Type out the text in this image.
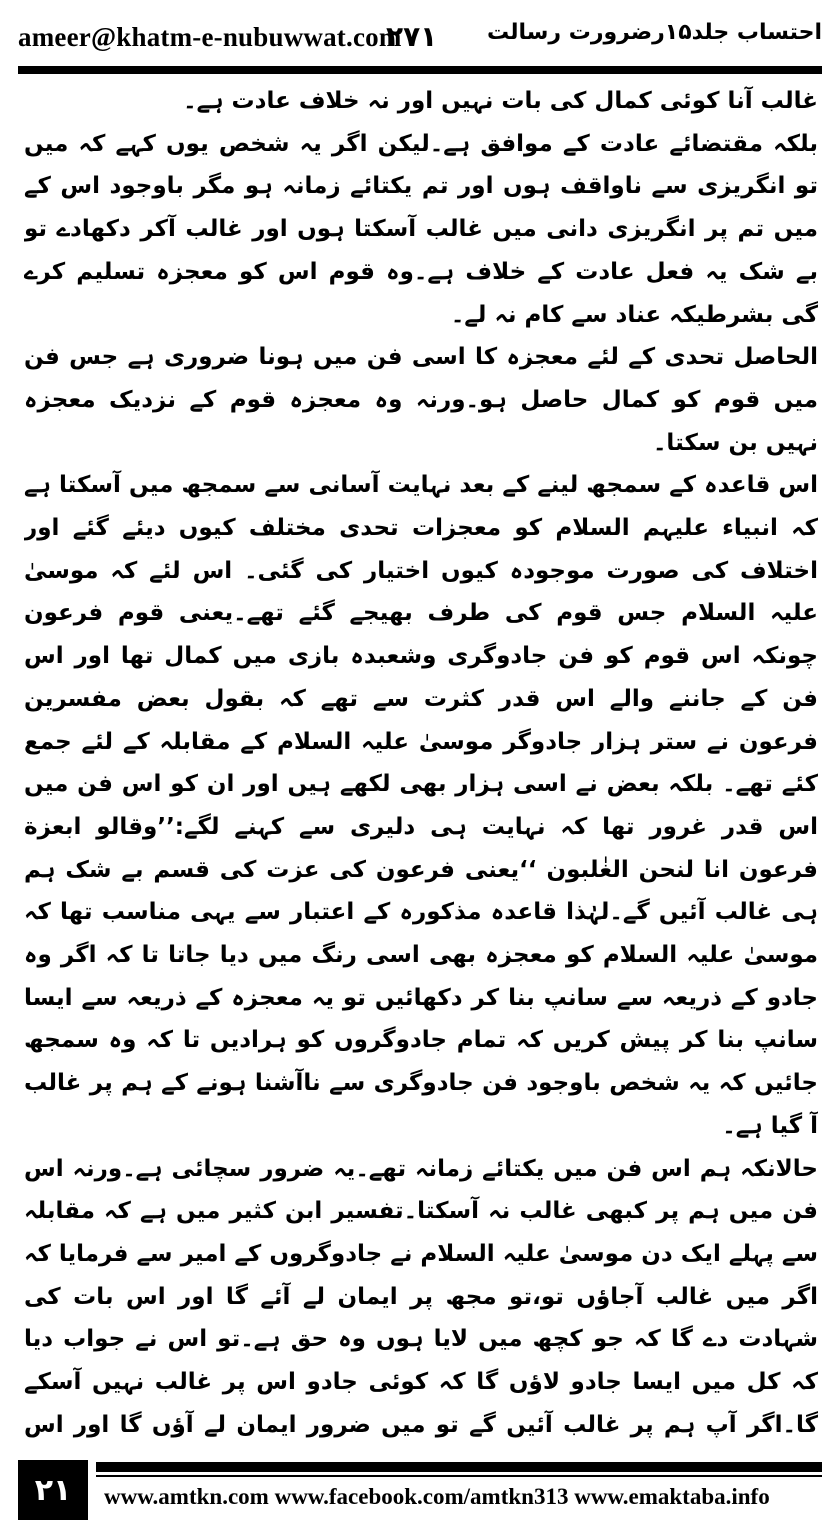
ameer@khatm-e-nubuwwat.com
۲۷۱ احتساب جلد۱۵رضرورت رسالت

غالب آنا کوئی کمال کی بات نہیں اور نہ خلاف عادت ہے۔

بلکہ مقتضائے عادت کے موافق ہے۔لیکن اگر یہ شخص یوں کہے کہ میں تو انگریزی سے ناواقف ہوں اور تم یکتائے زمانہ ہو مگر باوجود اس کے میں تم پر انگریزی دانی میں غالب آسکتا ہوں اور غالب آکر دکھادے تو بے شک یہ فعل عادت کے خلاف ہے۔وہ قوم اس کو معجزہ تسلیم کرے گی بشرطیکہ عناد سے کام نہ لے۔

الحاصل تحدی کے لئے معجزہ کا اسی فن میں ہونا ضروری ہے جس فن میں قوم کو کمال حاصل ہو۔ورنہ وہ معجزہ قوم کے نزدیک معجزہ نہیں بن سکتا۔

اس قاعدہ کے سمجھ لینے کے بعد نہایت آسانی سے سمجھ میں آسکتا ہے کہ انبیاء علیہم السلام کو معجزات تحدی مختلف کیوں دیئے گئے اور اختلاف کی صورت موجودہ کیوں اختیار کی گئی۔ اس لئے کہ موسیٰ علیہ السلام جس قوم کی طرف بھیجے گئے تھے۔یعنی قوم فرعون چونکہ اس قوم کو فن جادوگری وشعبدہ بازی میں کمال تھا اور اس فن کے جاننے والے اس قدر کثرت سے تھے کہ بقول بعض مفسرین فرعون نے ستر ہزار جادوگر موسیٰ علیہ السلام کے مقابلہ کے لئے جمع کئے تھے۔ بلکہ بعض نے اسی ہزار بھی لکھے ہیں اور ان کو اس فن میں اس قدر غرور تھا کہ نہایت ہی دلیری سے کہنے لگے:’’وقالو ابعزة فرعون انا لنحن الغٰلبون ‘‘یعنی فرعون کی عزت کی قسم بے شک ہم ہی غالب آئیں گے۔لہٰذا قاعدہ مذکورہ کے اعتبار سے یہی مناسب تھا کہ موسیٰ علیہ السلام کو معجزہ بھی اسی رنگ میں دیا جاتا تا کہ اگر وہ جادو کے ذریعہ سے سانپ بنا کر دکھائیں تو یہ معجزہ کے ذریعہ سے ایسا سانپ بنا کر پیش کریں کہ تمام جادوگروں کو ہرادیں تا کہ وہ سمجھ جائیں کہ یہ شخص باوجود فن جادوگری سے ناآشنا ہونے کے ہم پر غالب آ گیا ہے۔

حالانکہ ہم اس فن میں یکتائے زمانہ تھے۔یہ ضرور سچائی ہے۔ورنہ اس فن میں ہم پر کبھی غالب نہ آسکتا۔تفسیر ابن کثیر میں ہے کہ مقابلہ سے پہلے ایک دن موسیٰ علیہ السلام نے جادوگروں کے امیر سے فرمایا کہ اگر میں غالب آجاؤں تو،تو مجھ پر ایمان لے آئے گا اور اس بات کی شہادت دے گا کہ جو کچھ میں لایا ہوں وہ حق ہے۔تو اس نے جواب دیا کہ کل میں ایسا جادو لاؤں گا کہ کوئی جادو اس پر غالب نہیں آسکے گا۔اگر آپ ہم پر غالب آئیں گے تو میں ضرور ایمان لے آؤں گا اور اس

۲۱	www.amtkn.com www.facebook.com/amtkn313 www.emaktaba.info
